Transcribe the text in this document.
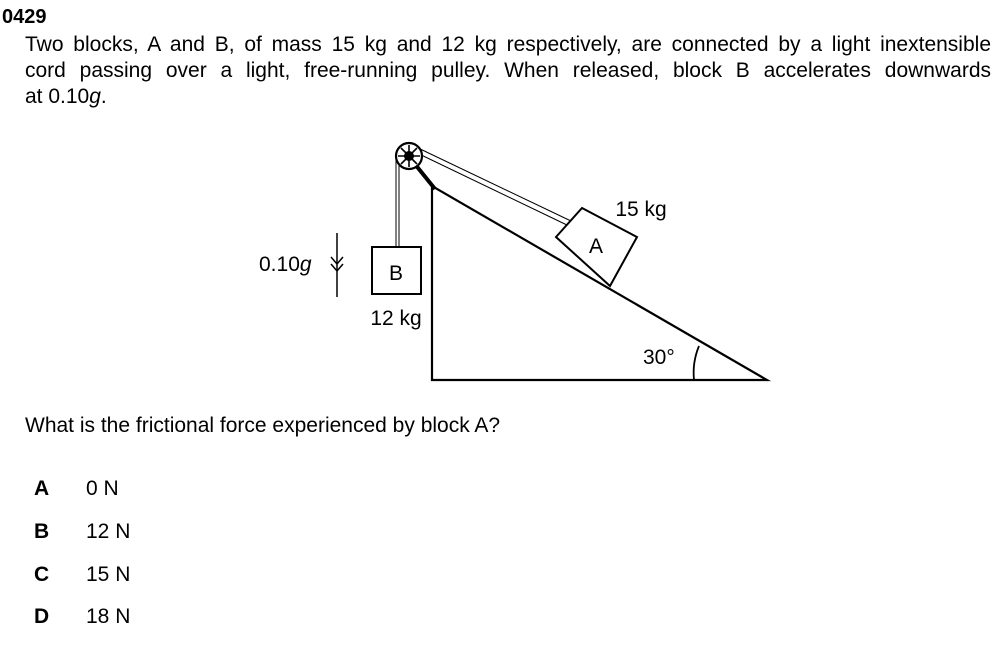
0429
Two blocks, A and B, of mass 15 kg and 12 kg respectively, are connected by a light inextensible
cord passing over a light, free-running pulley. When released, block B accelerates downwards
at 0.10g.
B
12 kg
A
15 kg
0.10g
30°
What is the frictional force experienced by block A?
A	0 N
B	12 N
C	15 N
D	18 N
